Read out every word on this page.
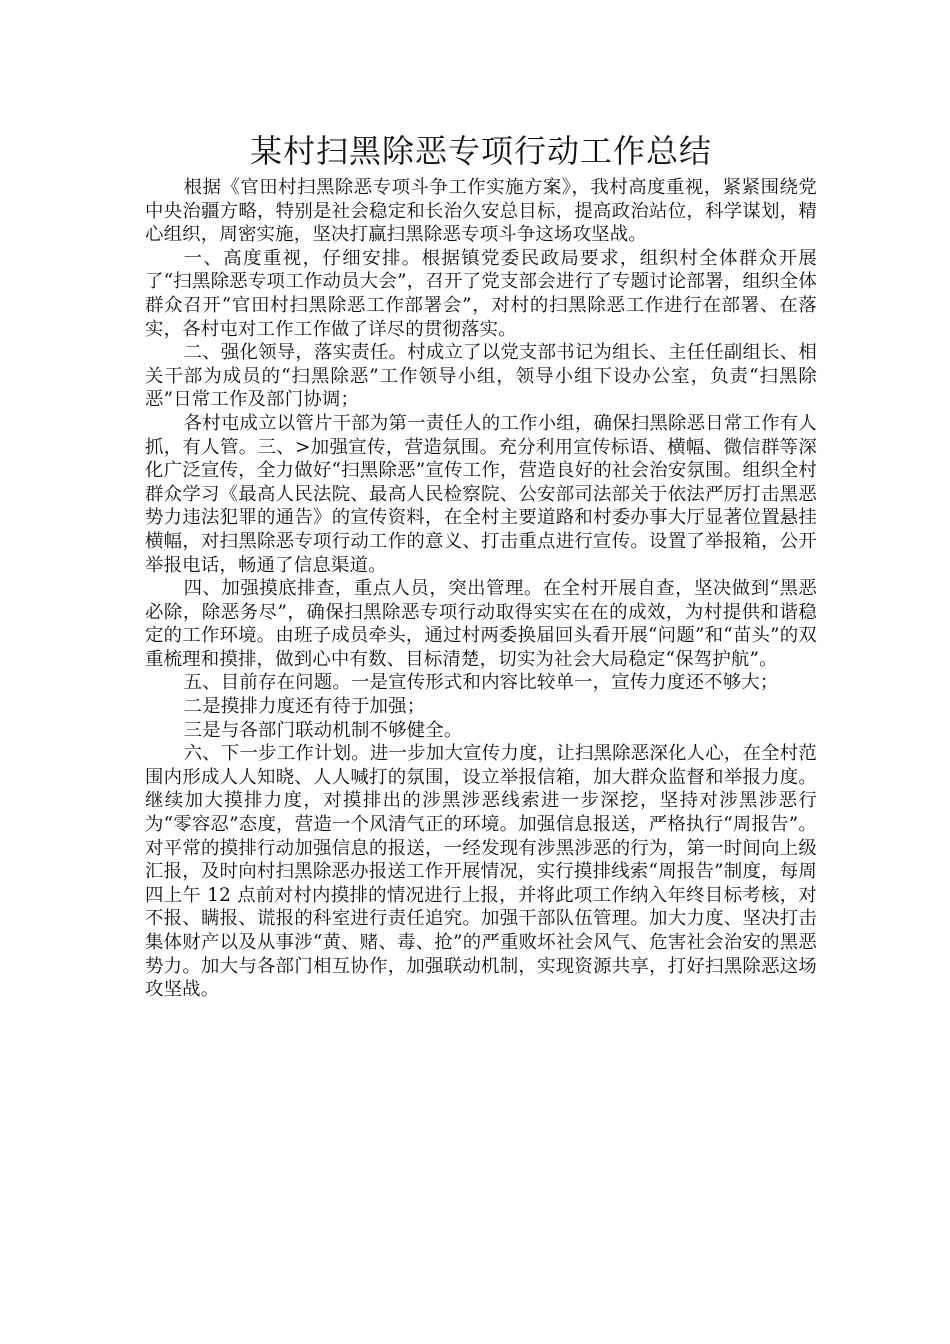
某村扫黑除恶专项行动工作总结

根据《官田村扫黑除恶专项斗争工作实施方案》，我村高度重视，紧紧围绕党中央治疆方略，特别是社会稳定和长治久安总目标，提高政治站位，科学谋划，精心组织，周密实施，坚决打赢扫黑除恶专项斗争这场攻坚战。

一、高度重视，仔细安排。根据镇党委民政局要求，组织村全体群众开展了“扫黑除恶专项工作动员大会”，召开了党支部会进行了专题讨论部署，组织全体群众召开“官田村扫黑除恶工作部署会”，对村的扫黑除恶工作进行在部署、在落实，各村屯对工作工作做了详尽的贯彻落实。

二、强化领导，落实责任。村成立了以党支部书记为组长、主任任副组长、相关干部为成员的“扫黑除恶”工作领导小组，领导小组下设办公室，负责“扫黑除恶”日常工作及部门协调；

各村屯成立以管片干部为第一责任人的工作小组，确保扫黑除恶日常工作有人抓，有人管。三、>加强宣传，营造氛围。充分利用宣传标语、横幅、微信群等深化广泛宣传，全力做好“扫黑除恶”宣传工作，营造良好的社会治安氛围。组织全村群众学习《最高人民法院、最高人民检察院、公安部司法部关于依法严厉打击黑恶势力违法犯罪的通告》的宣传资料，在全村主要道路和村委办事大厅显著位置悬挂横幅，对扫黑除恶专项行动工作的意义、打击重点进行宣传。设置了举报箱，公开举报电话，畅通了信息渠道。

四、加强摸底排查，重点人员，突出管理。在全村开展自查，坚决做到“黑恶必除，除恶务尽”，确保扫黑除恶专项行动取得实实在在的成效，为村提供和谐稳定的工作环境。由班子成员牵头，通过村两委换届回头看开展“问题”和“苗头”的双重梳理和摸排，做到心中有数、目标清楚，切实为社会大局稳定“保驾护航”。

五、目前存在问题。一是宣传形式和内容比较单一，宣传力度还不够大；

二是摸排力度还有待于加强；

三是与各部门联动机制不够健全。

六、下一步工作计划。进一步加大宣传力度，让扫黑除恶深化人心，在全村范围内形成人人知晓、人人喊打的氛围，设立举报信箱，加大群众监督和举报力度。继续加大摸排力度，对摸排出的涉黑涉恶线索进一步深挖，坚持对涉黑涉恶行为“零容忍”态度，营造一个风清气正的环境。加强信息报送，严格执行“周报告”。对平常的摸排行动加强信息的报送，一经发现有涉黑涉恶的行为，第一时间向上级汇报，及时向村扫黑除恶办报送工作开展情况，实行摸排线索“周报告”制度，每周四上午 12 点前对村内摸排的情况进行上报，并将此项工作纳入年终目标考核，对不报、瞒报、谎报的科室进行责任追究。加强干部队伍管理。加大力度、坚决打击集体财产以及从事涉“黄、赌、毒、抢”的严重败坏社会风气、危害社会治安的黑恶势力。加大与各部门相互协作，加强联动机制，实现资源共享，打好扫黑除恶这场攻坚战。
